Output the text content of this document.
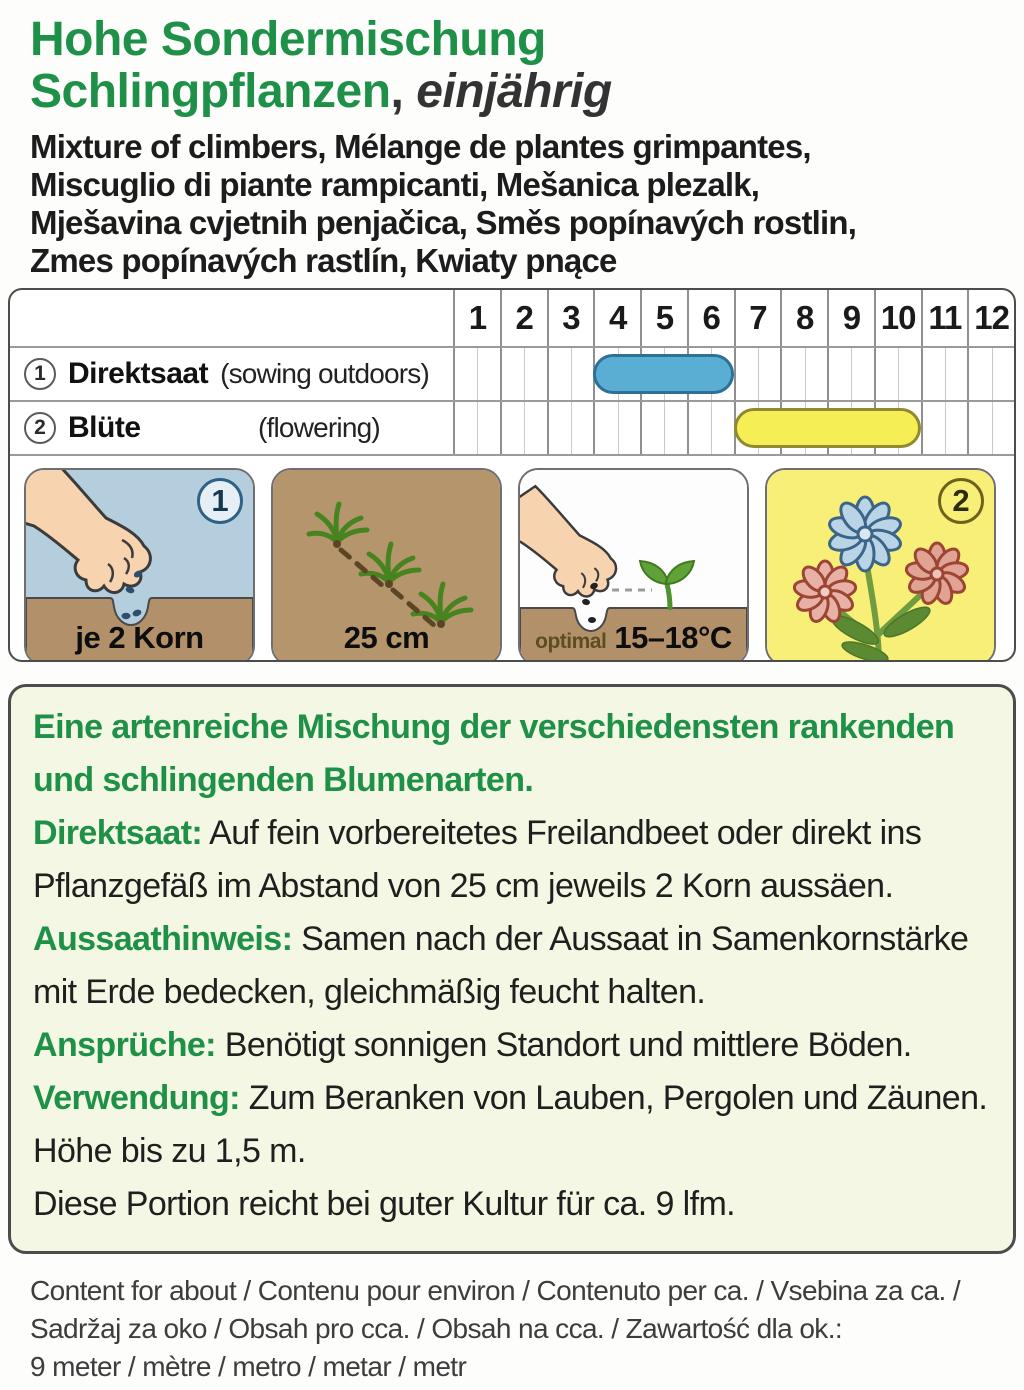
Hohe Sondermischung
Schlingpflanzen, einjährig
Mixture of climbers, Mélange de plantes grimpantes,
Miscuglio di piante rampicanti, Mešanica plezalk,
Mješavina cvjetnih penjačica, Směs popínavých rostlin,
Zmes popínavých rastlín, Kwiaty pnące
1 2 3 4 5 6 7 8 9 10 11 12
1 Direktsaat (sowing outdoors)
2 Blüte	(flowering)
1
je 2 Korn	25 cm	optimal 15–18°C
2

Eine artenreiche Mischung der verschiedensten rankenden und schlingenden Blumenarten.

Direktsaat: Auf fein vorbereitetes Freilandbeet oder direkt ins Pflanzgefäß im Abstand von 25 cm jeweils 2 Korn aussäen.

Aussaathinweis: Samen nach der Aussaat in Samenkornstärke mit Erde bedecken, gleichmäßig feucht halten.

Ansprüche: Benötigt sonnigen Standort und mittlere Böden.

Verwendung: Zum Beranken von Lauben, Pergolen und Zäunen. Höhe bis zu 1,5 m.

Diese Portion reicht bei guter Kultur für ca. 9 lfm.

Content for about / Contenu pour environ / Contenuto per ca. / Vsebina za ca. /
Sadržaj za oko / Obsah pro cca. / Obsah na cca. / Zawartość dla ok.:
9 meter / mètre / metro / metar / metr
